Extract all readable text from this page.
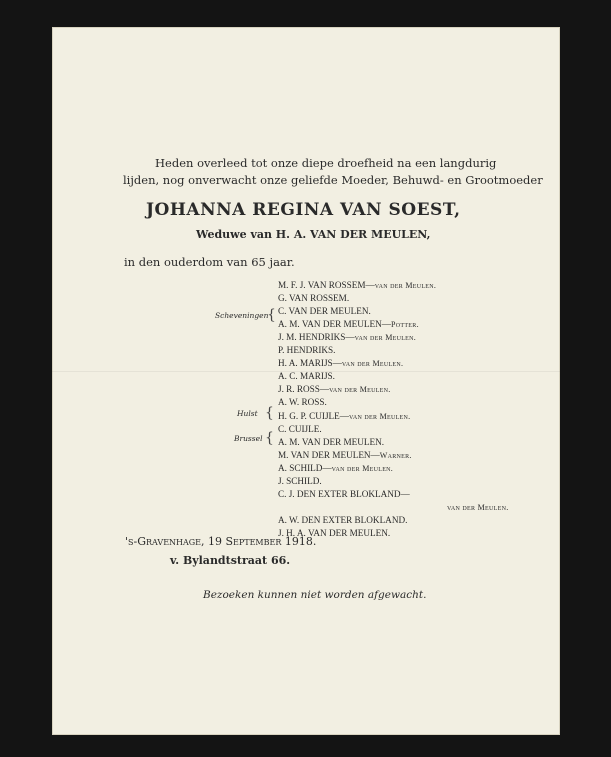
Heden overleed tot onze diepe droefheid na een langdurig
lijden, nog onverwacht onze geliefde Moeder, Behuwd- en Grootmoeder
JOHANNA REGINA VAN SOEST,
Weduwe van H. A. VAN DER MEULEN,
in den ouderdom van 65 jaar.
M. F. J. VAN ROSSEM—van der Meulen.
G. VAN ROSSEM.
C. VAN DER MEULEN.
A. M. VAN DER MEULEN—Potter.
J. M. HENDRIKS—van der Meulen.
P. HENDRIKS.
H. A. MARIJS—van der Meulen.
A. C. MARIJS.
J. R. ROSS—van der Meulen.
A. W. ROSS.
H. G. P. CUIJLE—van der Meulen.
C. CUIJLE.
A. M. VAN DER MEULEN.
M. VAN DER MEULEN—Warner.
A. SCHILD—van der Meulen.
J. SCHILD.
C. J. DEN EXTER BLOKLAND—
van der Meulen.
A. W. DEN EXTER BLOKLAND.
J. H. A. VAN DER MEULEN.
Scheveningen
{
Hulst {
Brussel {
's-Gravenhage, 19 September 1918.
v. Bylandtstraat 66.
Bezoeken kunnen niet worden afgewacht.
